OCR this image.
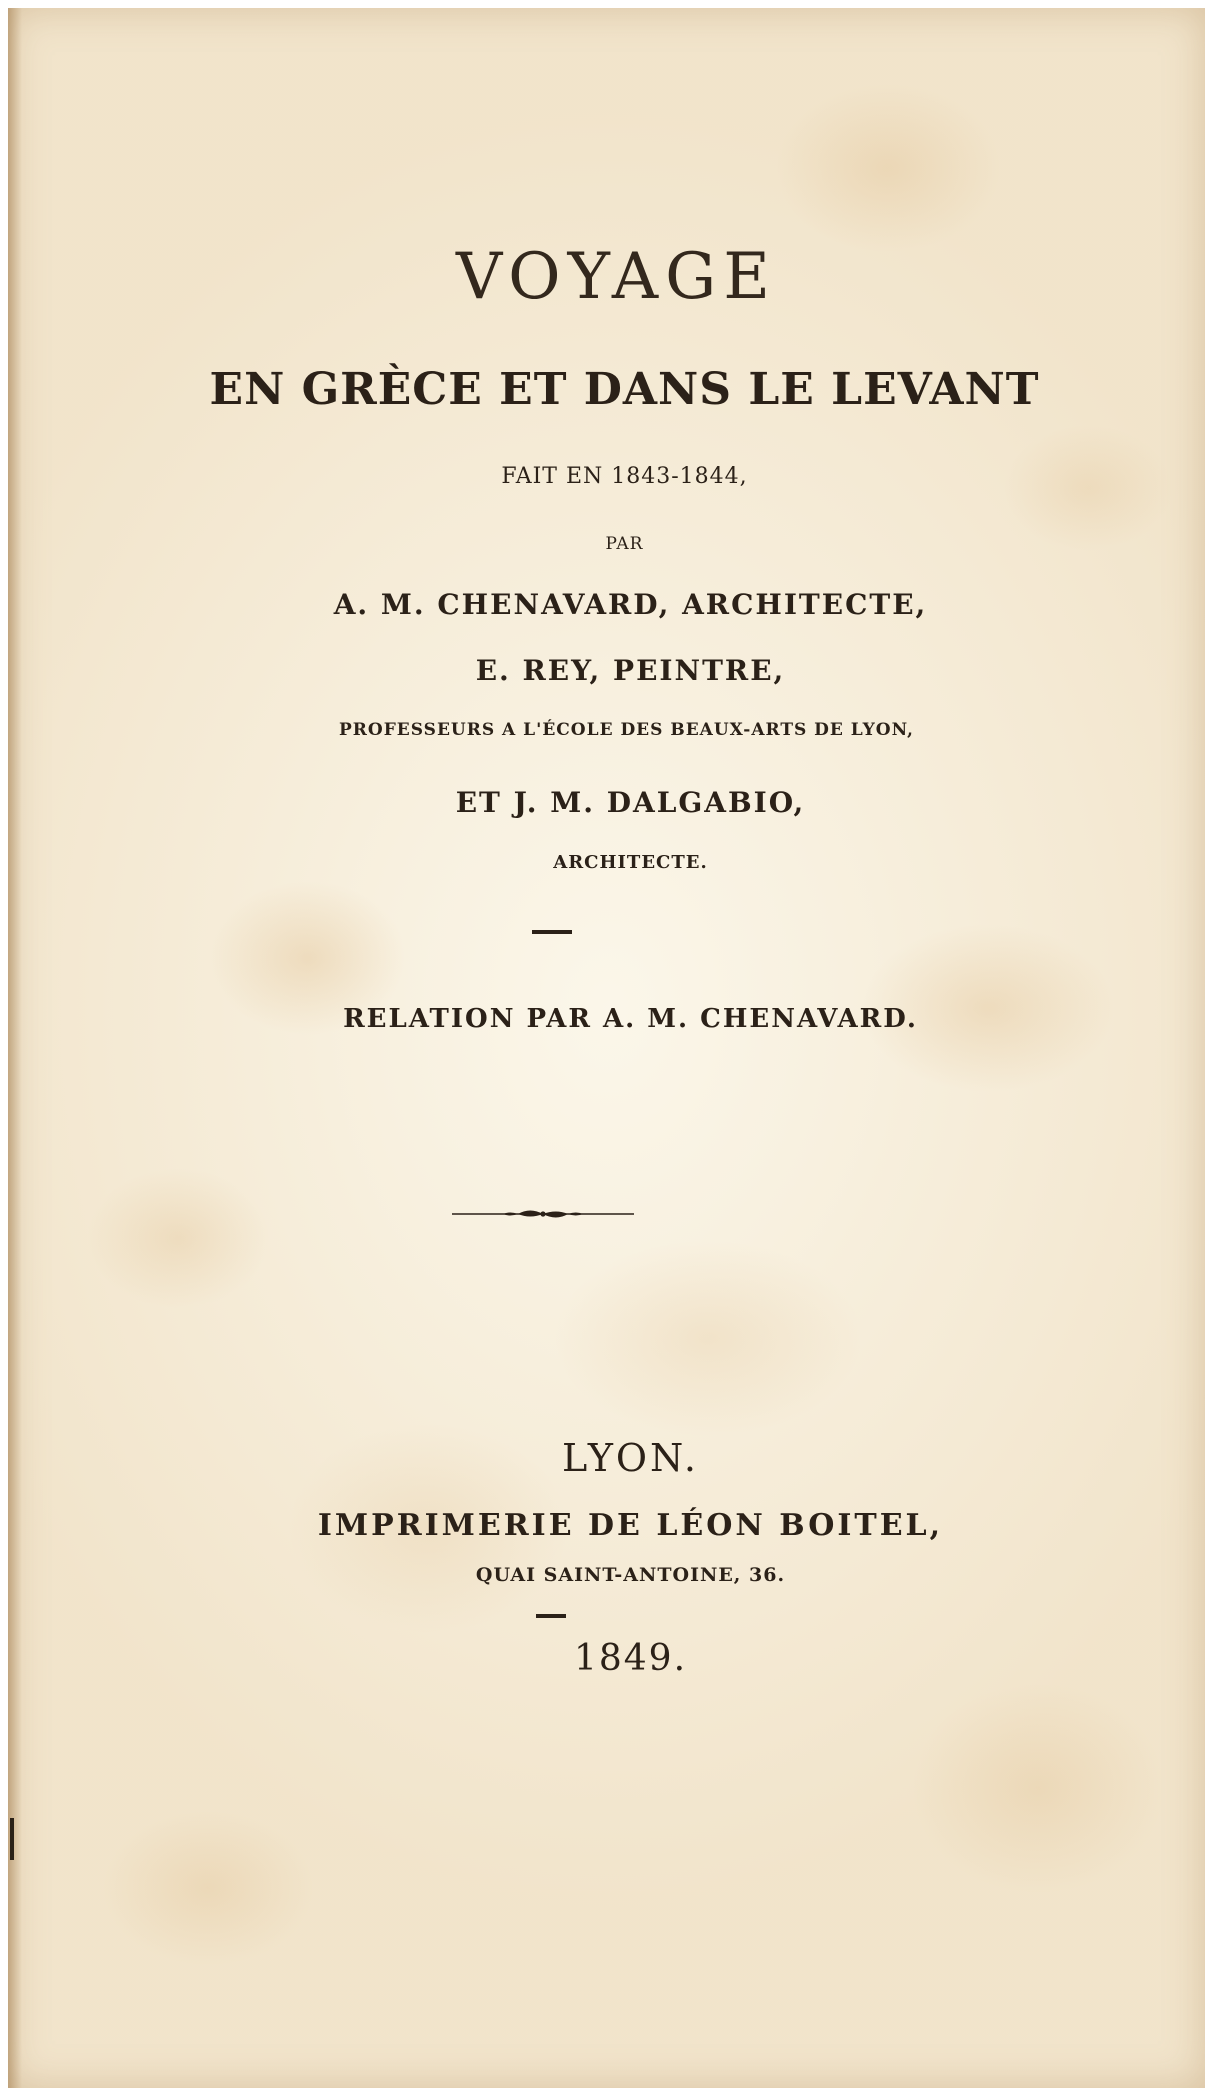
VOYAGE
EN GRÈCE ET DANS LE LEVANT
FAIT EN 1843-1844,
PAR
A. M. CHENAVARD, ARCHITECTE,
E. REY, PEINTRE,
PROFESSEURS A L'ÉCOLE DES BEAUX-ARTS DE LYON,
ET J. M. DALGABIO,
ARCHITECTE.
RELATION PAR A. M. CHENAVARD.
LYON.
IMPRIMERIE DE LÉON BOITEL,
QUAI SAINT-ANTOINE, 36.
1849.
